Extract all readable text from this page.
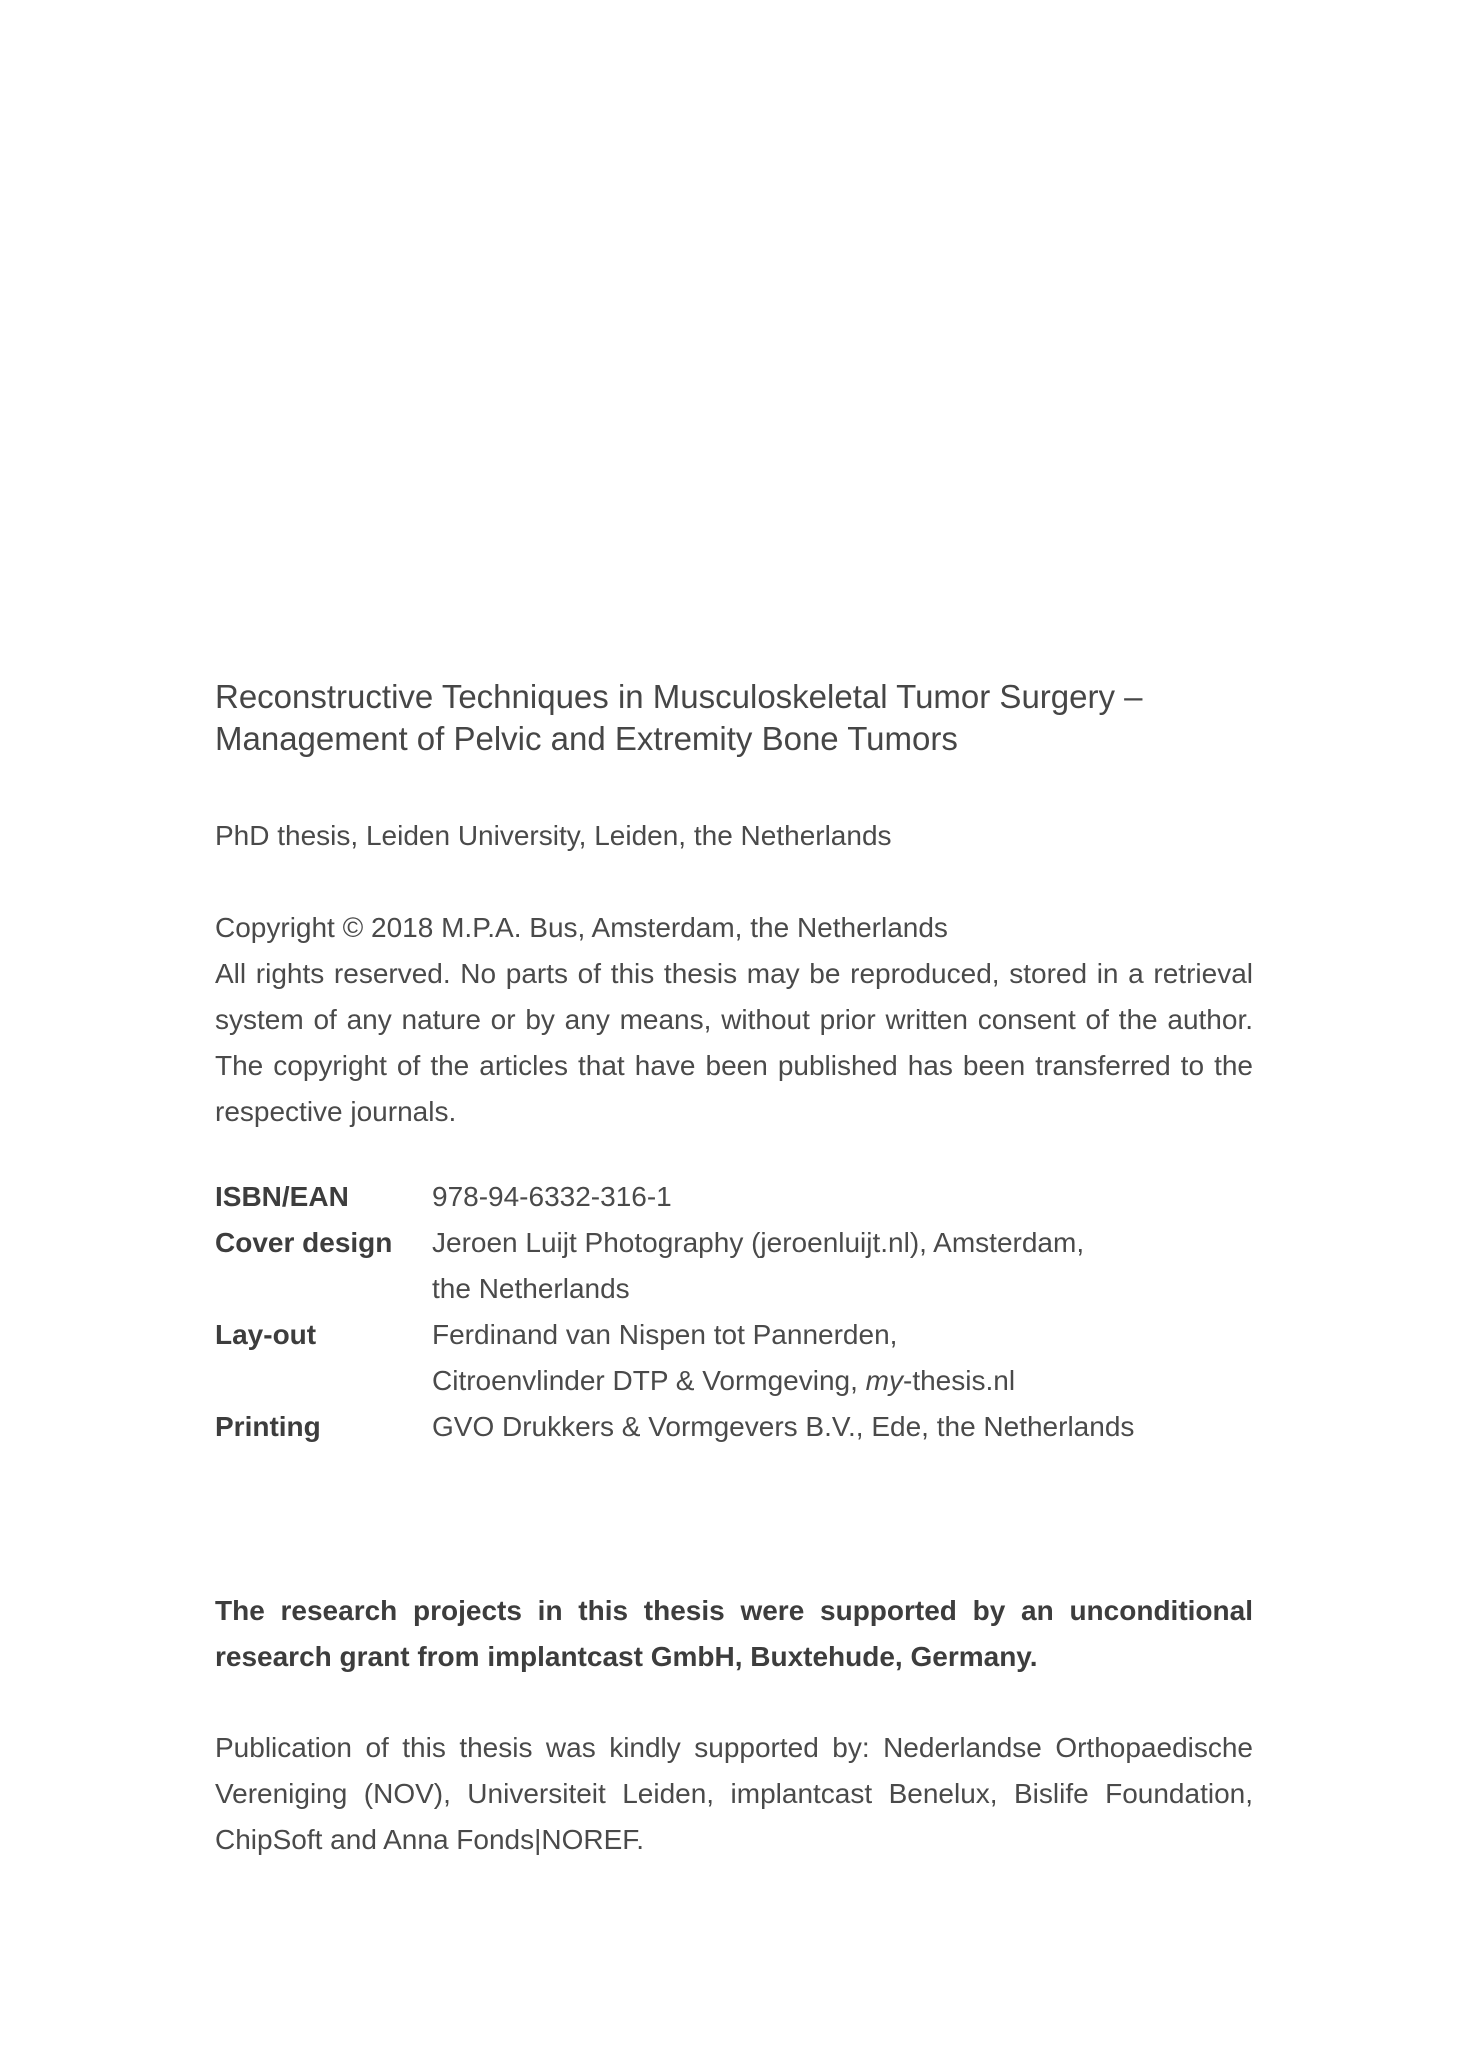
Reconstructive Techniques in Musculoskeletal Tumor Surgery –
Management of Pelvic and Extremity Bone Tumors
PhD thesis, Leiden University, Leiden, the Netherlands
Copyright © 2018 M.P.A. Bus, Amsterdam, the Netherlands
All rights reserved. No parts of this thesis may be reproduced, stored in a retrieval
system of any nature or by any means, without prior written consent of the author.
The copyright of the articles that have been published has been transferred to the
respective journals.
ISBN/EAN	978-94-6332-316-1
Cover design	Jeroen Luijt Photography (jeroenluijt.nl), Amsterdam,
the Netherlands
Lay-out	Ferdinand van Nispen tot Pannerden,
Citroenvlinder DTP & Vormgeving, my-thesis.nl
Printing	GVO Drukkers & Vormgevers B.V., Ede, the Netherlands
The research projects in this thesis were supported by an unconditional
research grant from implantcast GmbH, Buxtehude, Germany.
Publication of this thesis was kindly supported by: Nederlandse Orthopaedische
Vereniging (NOV), Universiteit Leiden, implantcast Benelux, Bislife Foundation,
ChipSoft and Anna Fonds|NOREF.
